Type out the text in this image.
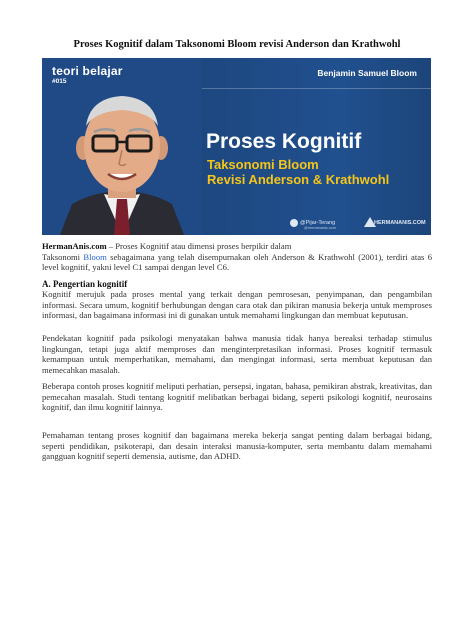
Proses Kognitif dalam Taksonomi Bloom revisi Anderson dan Krathwohl
teori belajar
#015
Benjamin Samuel Bloom
Proses Kognitif
Taksonomi Bloom
Revisi Anderson & Krathwohl
@Pijar-Terang
@hermananis.com
HERMANANIS.COM
HermanAnis.com – Proses Kognitif atau dimensi proses berpikir dalam
Taksonomi Bloom sebagaimana yang telah disempurnakan oleh Anderson & Krathwohl (2001), terdiri atas 6 level kognitif, yakni level C1 sampai dengan level C6.
A. Pengertian kognitif
Kognitif merujuk pada proses mental yang terkait dengan pemrosesan, penyimpanan, dan pengambilan informasi. Secara umum, kognitif berhubungan dengan cara otak dan pikiran manusia bekerja untuk memproses informasi, dan bagaimana informasi ini di gunakan untuk memahami lingkungan dan membuat keputusan.
Pendekatan kognitif pada psikologi menyatakan bahwa manusia tidak hanya bereaksi terhadap stimulus lingkungan, tetapi juga aktif memproses dan menginterpretasikan informasi. Proses kognitif termasuk kemampuan untuk memperhatikan, memahami, dan mengingat informasi, serta membuat keputusan dan memecahkan masalah.
Beberapa contoh proses kognitif meliputi perhatian, persepsi, ingatan, bahasa, pemikiran abstrak, kreativitas, dan pemecahan masalah. Studi tentang kognitif melibatkan berbagai bidang, seperti psikologi kognitif, neurosains kognitif, dan ilmu kognitif lainnya.
Pemahaman tentang proses kognitif dan bagaimana mereka bekerja sangat penting dalam berbagai bidang, seperti pendidikan, psikoterapi, dan desain interaksi manusia-komputer, serta membantu dalam memahami gangguan kognitif seperti demensia, autisme, dan ADHD.
